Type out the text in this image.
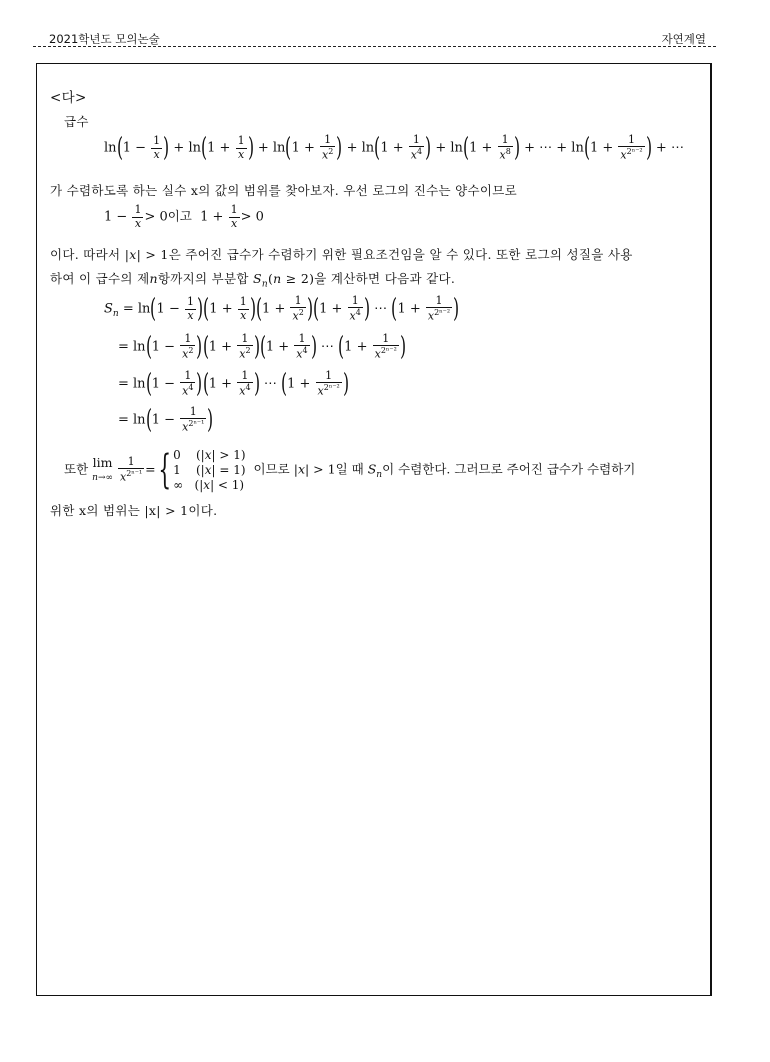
2021학년도 모의논술	자연계열
<다>
급수
$\ln(1 - \frac{1}{x}$ ) + $\ln(1 + \frac{1}{x}$ ) + $\ln(1 + \frac{1}{x^2}$ ) + $\ln(1 + \frac{1}{x^4}$ ) + $\ln(1 + \frac{1}{x^8}$ ) + ⋯ + $\ln(1 + \frac{1}{x^{2^{n-2}}}$ ) + ⋯
가 수렴하도록 하는 실수 x의 값의 범위를 찾아보자. 우선 로그의 진수는 양수이므로
$1 - \frac{1}{x} > 0$이고  $1 + \frac{1}{x} > 0$
이다. 따라서 |x| > 1은 주어진 급수가 수렴하기 위한 필요조건임을 알 수 있다. 또한 로그의 성질을 사용
하여 이 급수의 제n항까지의 부분합 $S_n(n \ge 2)$을 계산하면 다음과 같다.
$S_n = \ln(1 - \frac{1}{x} )(1 + \frac{1}{x} )(1 + \frac{1}{x^2} )(1 + \frac{1}{x^4}$ ) ⋯ ($1 + \frac{1}{x^{2^{n-2}}}$ )
= $\ln(1 - \frac{1}{x^2} )(1 + \frac{1}{x^2} )(1 + \frac{1}{x^4}$ ) ⋯ ($1 + \frac{1}{x^{2^{n-2}}}$ )
= $\ln(1 - \frac{1}{x^4} )(1 + \frac{1}{x^4}$ ) ⋯ ($1 + \frac{1}{x^{2^{n-2}}}$ )
= $\ln(1 - \frac{1}{x^{2^{n-1}}}$ )
또한 lim
$n\to\infty \frac{1}{x^{2^{n-1}}}$ ={ 0    (|x| > 1)
1    (|x| = 1)
∞   (|x| < 1)  이므로 |x| > 1일 때 $S_n$이 수렴한다. 그러므로 주어진 급수가 수렴하기
위한 x의 범위는 |x| > 1이다.
